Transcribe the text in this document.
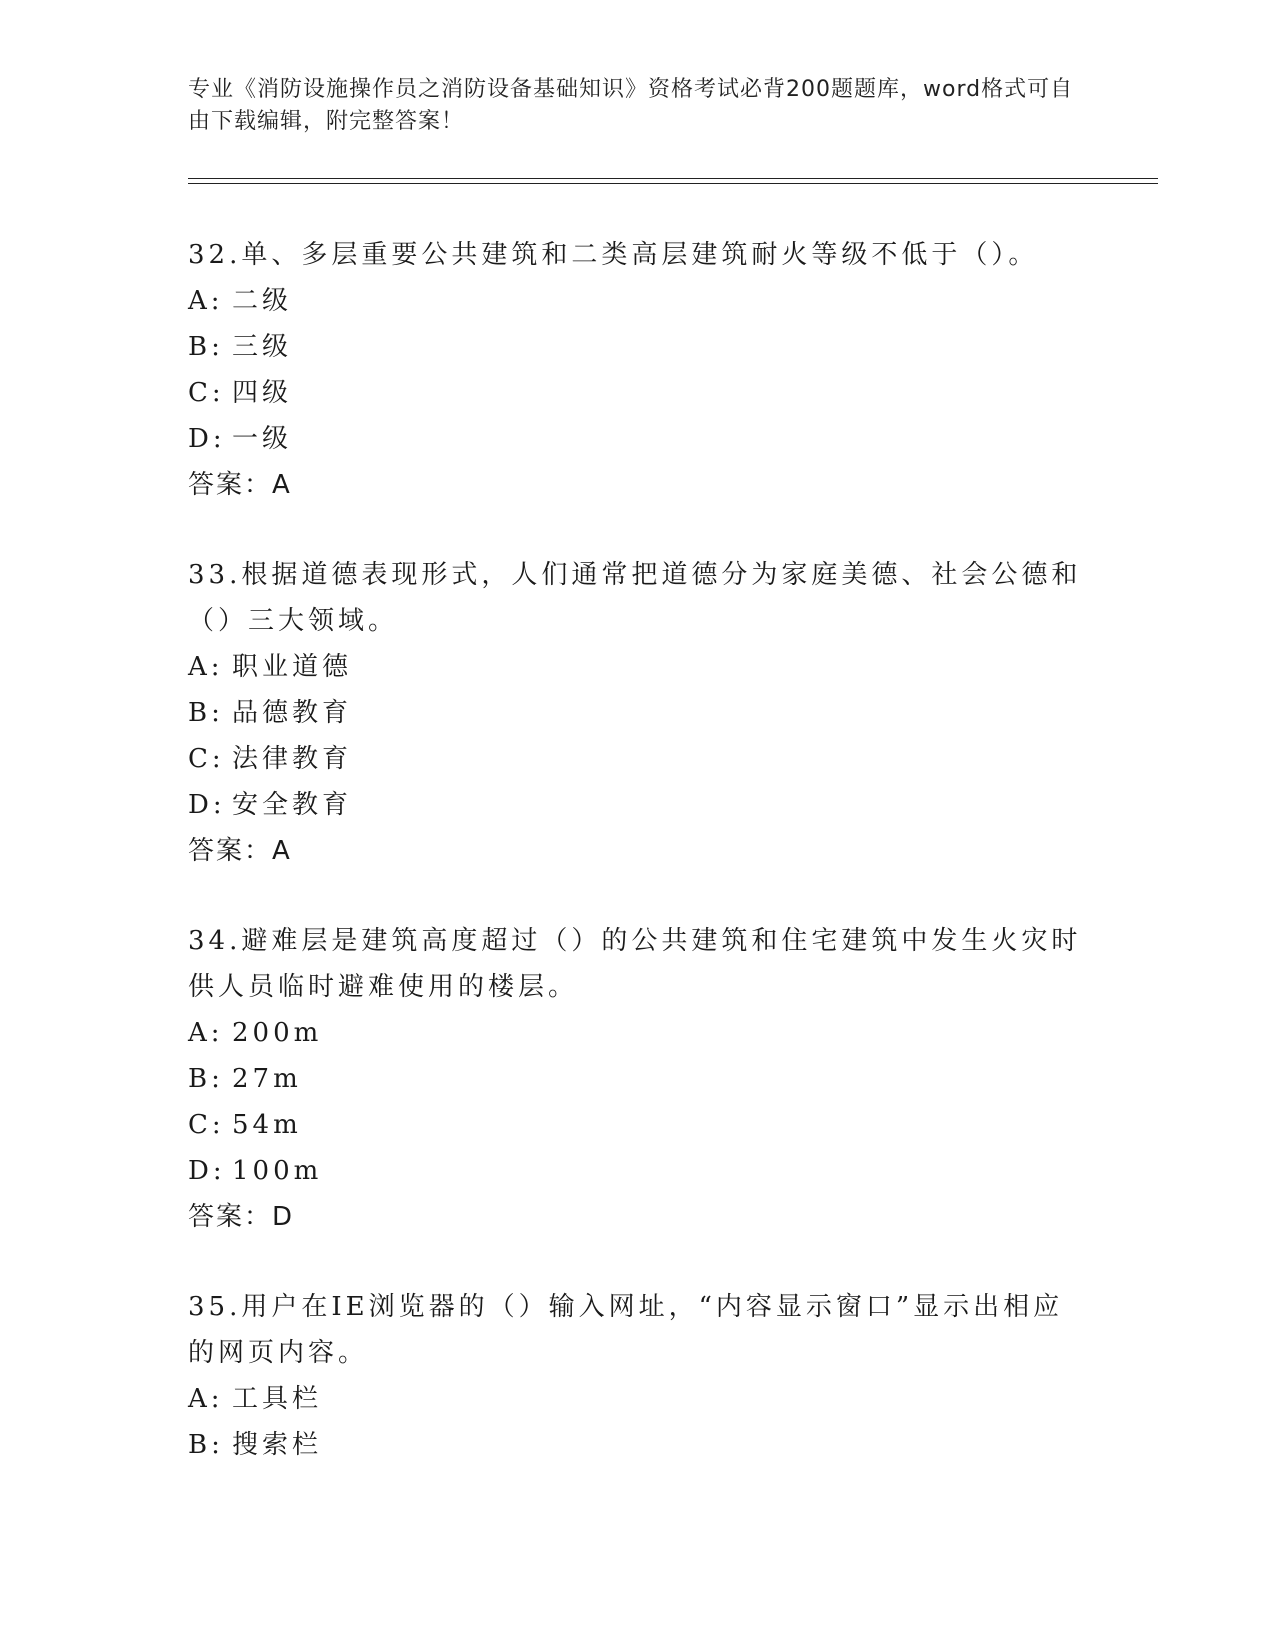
专业《消防设施操作员之消防设备基础知识》资格考试必背200题题库，word格式可自由下载编辑，附完整答案！
32.单、多层重要公共建筑和二类高层建筑耐火等级不低于（）。
A: 二级
B: 三级
C: 四级
D: 一级
答案：A
33.根据道德表现形式，人们通常把道德分为家庭美德、社会公德和（）三大领域。
A: 职业道德
B: 品德教育
C: 法律教育
D: 安全教育
答案：A
34.避难层是建筑高度超过（）的公共建筑和住宅建筑中发生火灾时供人员临时避难使用的楼层。
A: 200m
B: 27m
C: 54m
D: 100m
答案：D
35.用户在IE浏览器的（）输入网址，“内容显示窗口”显示出相应的网页内容。
A: 工具栏
B: 搜索栏
